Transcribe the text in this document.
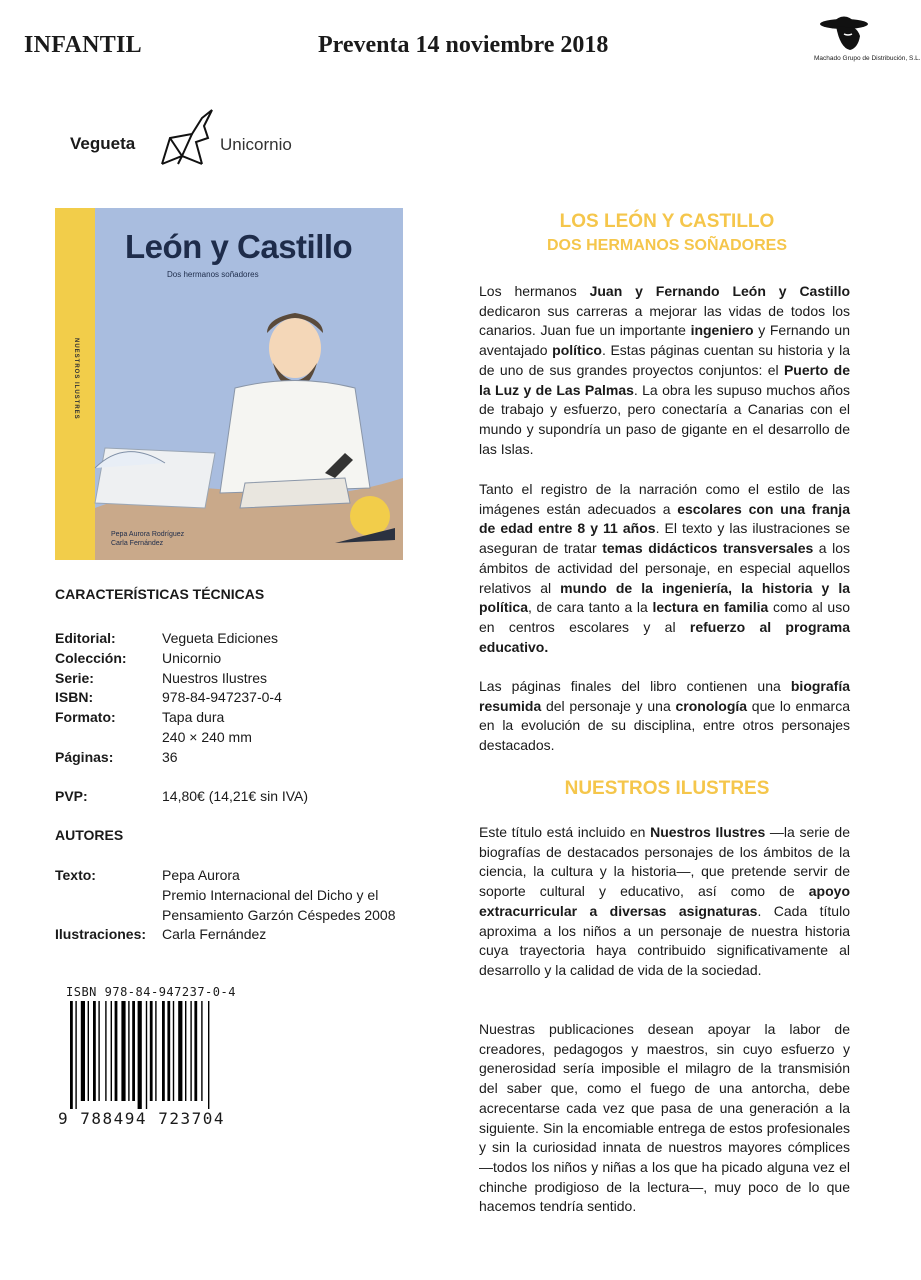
INFANTIL	Preventa 14 noviembre 2018
Machado Grupo de Distribución, S.L.
Vegueta	Unicornio
NUESTROS ILUSTRES
León y Castillo
Dos hermanos soñadores
Pepa Aurora Rodríguez
Carla Fernández
CARACTERÍSTICAS TÉCNICAS
Editorial:	Vegueta Ediciones
Colección:	Unicornio
Serie:	Nuestros Ilustres
ISBN:	978-84-947237-0-4
Formato:	Tapa dura
240 × 240 mm
Páginas:	36
PVP:	14,80€ (14,21€ sin IVA)
AUTORES
Texto:	Pepa Aurora
Premio Internacional del Dicho y el
Pensamiento Garzón Céspedes 2008
Ilustraciones: Carla Fernández
ISBN 978-84-947237-0-4
9 788494 723704
LOS LEÓN Y CASTILLO
DOS HERMANOS SOÑADORES
Los hermanos Juan y Fernando León y Castillo dedicaron sus carreras a mejorar las vidas de todos los canarios. Juan fue un importante ingeniero y Fernando un aventajado político. Estas páginas cuentan su historia y la de uno de sus grandes proyectos conjuntos: el Puerto de la Luz y de Las Palmas. La obra les supuso muchos años de trabajo y esfuerzo, pero conectaría a Canarias con el mundo y supondría un paso de gigante en el desarrollo de las Islas.
Tanto el registro de la narración como el estilo de las imágenes están adecuados a escolares con una franja de edad entre 8 y 11 años. El texto y las ilustraciones se aseguran de tratar temas didácticos transversales a los ámbitos de actividad del personaje, en especial aquellos relativos al mundo de la ingeniería, la historia y la política, de cara tanto a la lectura en familia como al uso en centros escolares y al refuerzo al programa educativo.
Las páginas finales del libro contienen una biografía resumida del personaje y una cronología que lo enmarca en la evolución de su disciplina, entre otros personajes destacados.
NUESTROS ILUSTRES
Este título está incluido en Nuestros Ilustres —la serie de biografías de destacados personajes de los ámbitos de la ciencia, la cultura y la historia—, que pretende servir de soporte cultural y educativo, así como de apoyo extracurricular a diversas asignaturas. Cada título aproxima a los niños a un personaje de nuestra historia cuya trayectoria haya contribuido significativamente al desarrollo y la calidad de vida de la sociedad.
Nuestras publicaciones desean apoyar la labor de creadores, pedagogos y maestros, sin cuyo esfuerzo y generosidad sería imposible el milagro de la transmisión del saber que, como el fuego de una antorcha, debe acrecentarse cada vez que pasa de una generación a la siguiente. Sin la encomiable entrega de estos profesionales y sin la curiosidad innata de nuestros mayores cómplices —todos los niños y niñas a los que ha picado alguna vez el chinche prodigioso de la lectura—, muy poco de lo que hacemos tendría sentido.
